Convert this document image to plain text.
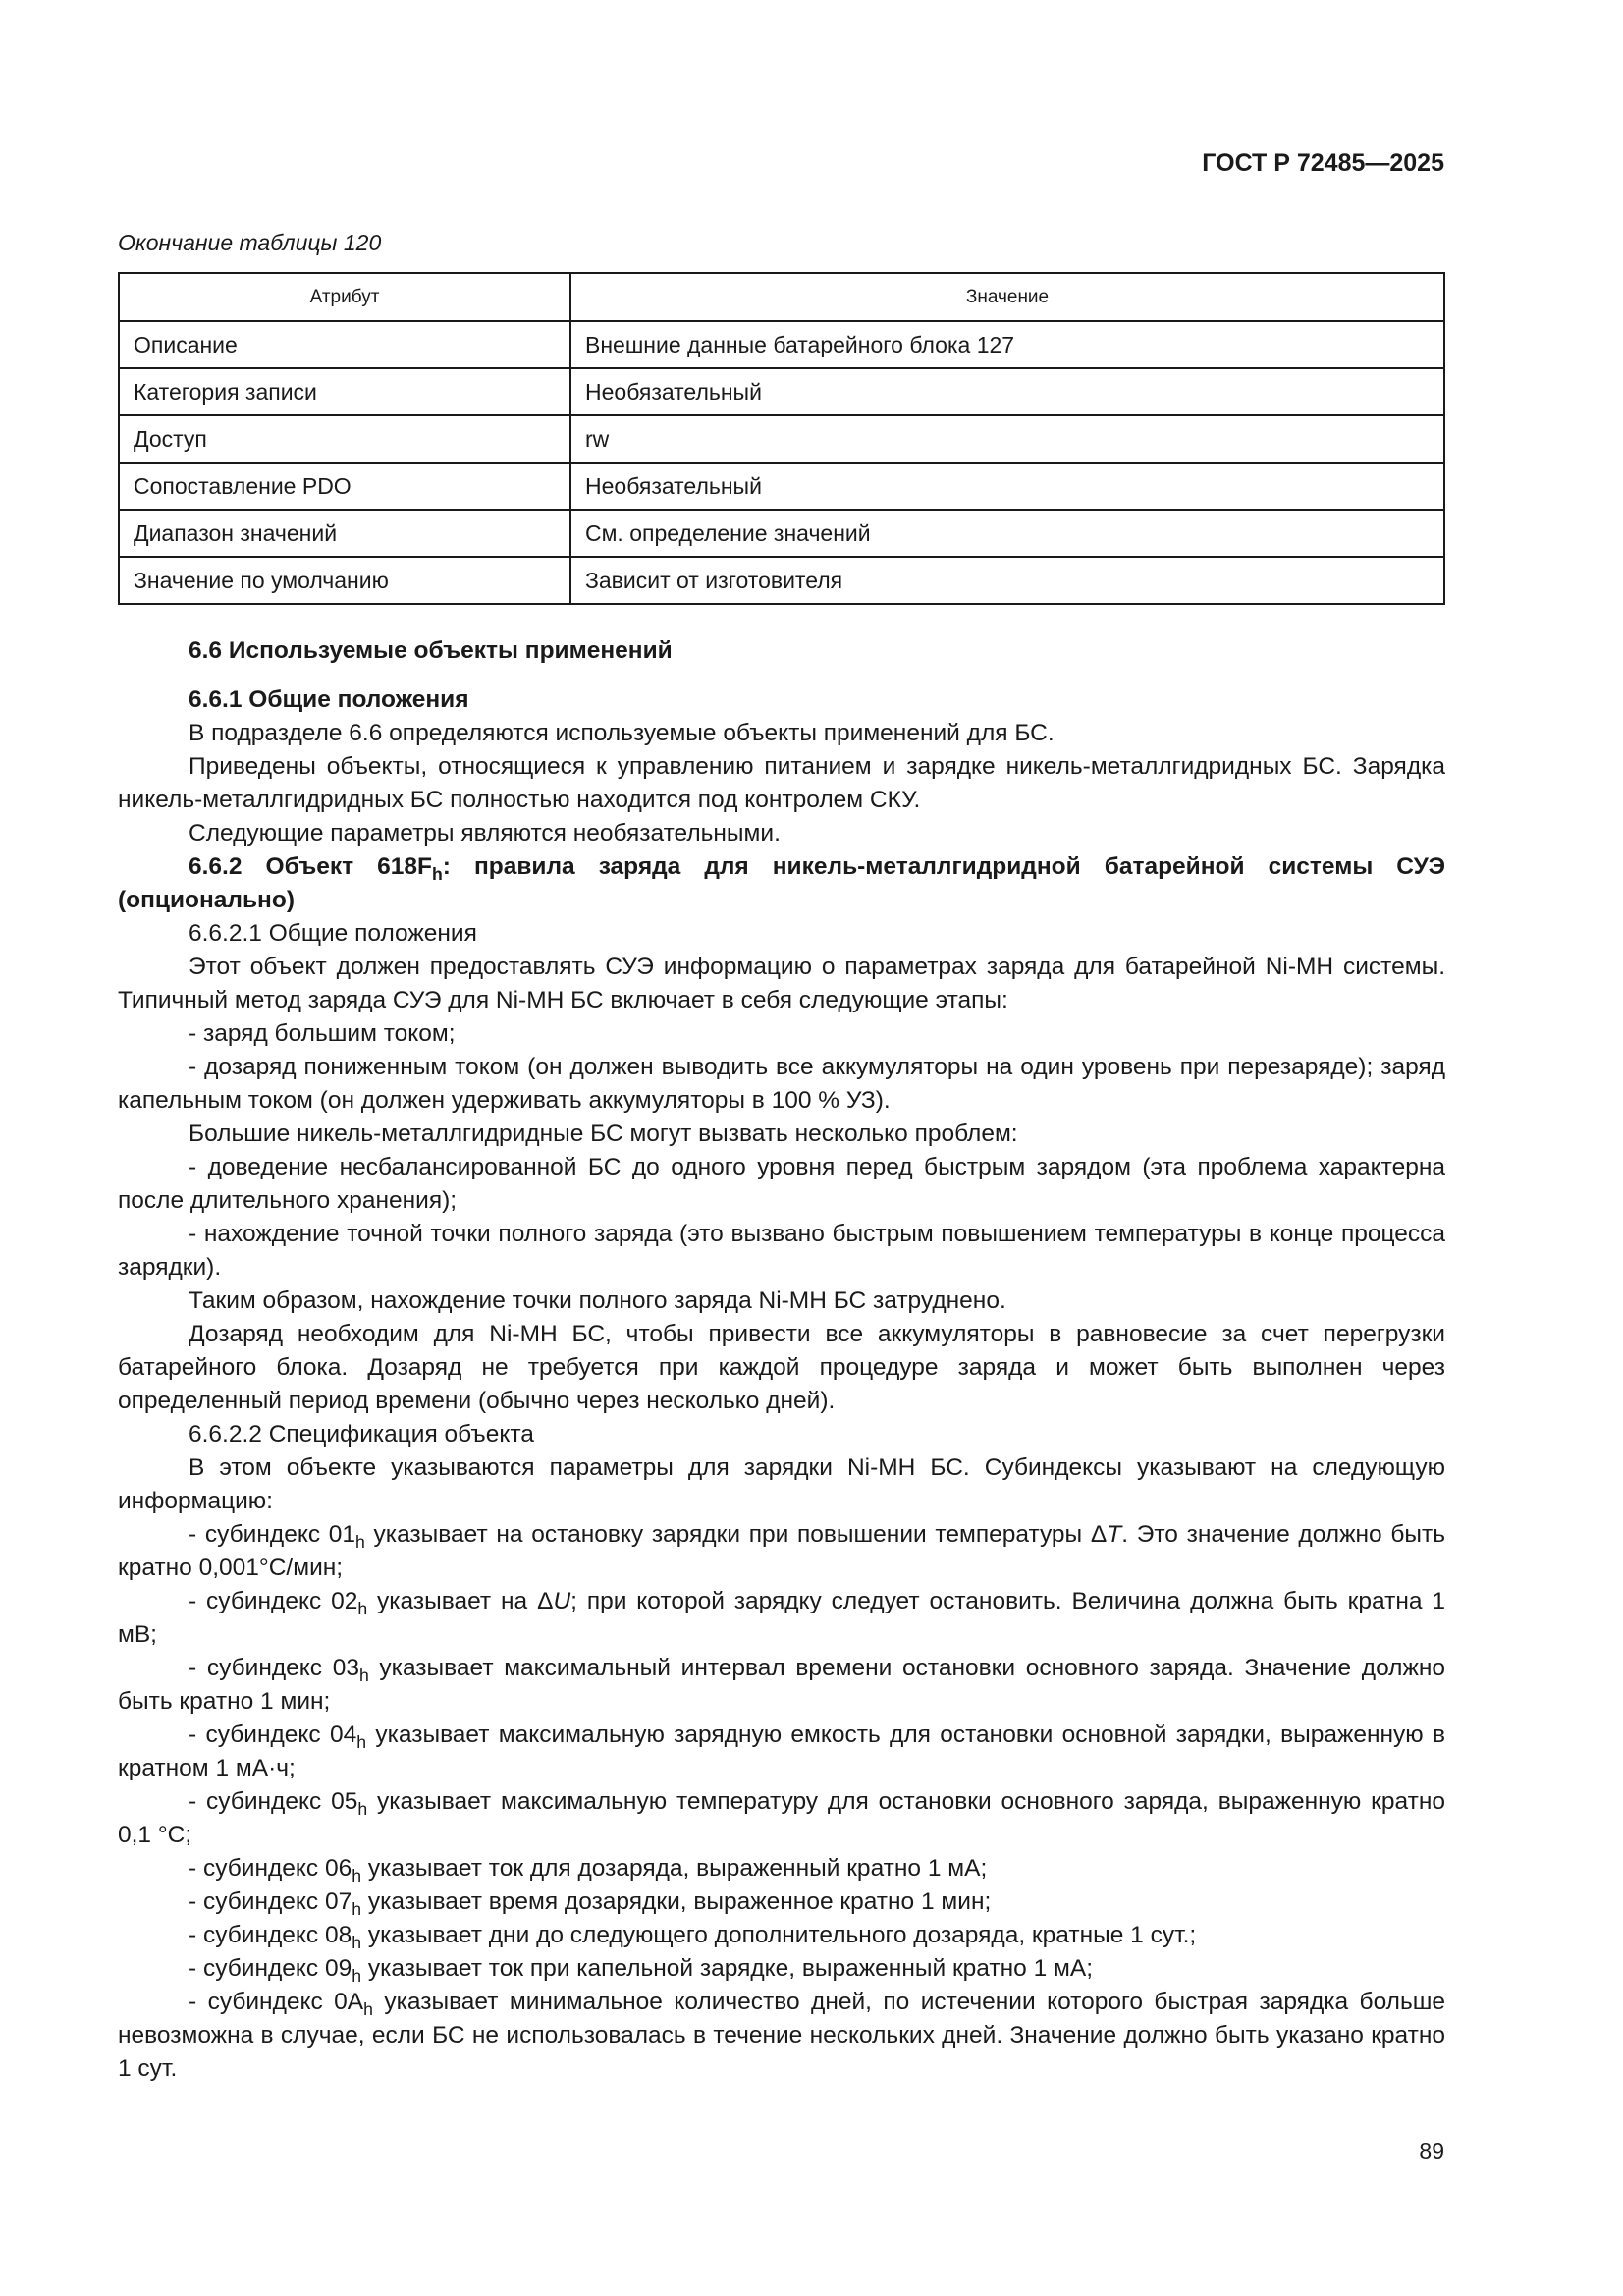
ГОСТ Р 72485—2025
Окончание таблицы 120
Атрибут	Значение
Описание	Внешние данные батарейного блока 127
Категория записи	Необязательный
Доступ	rw
Сопоставление PDO	Необязательный
Диапазон значений	См. определение значений
Значение по умолчанию	Зависит от изготовителя

6.6 Используемые объекты применений

6.6.1 Общие положения

В подразделе 6.6 определяются используемые объекты применений для БС.

Приведены объекты, относящиеся к управлению питанием и зарядке никель-металлгидридных БС. Зарядка никель-металлгидридных БС полностью находится под контролем СКУ.

Следующие параметры являются необязательными.

6.6.2 Объект $618F_h$: правила заряда для никель-металлгидридной батарейной системы СУЭ (опционально)

6.6.2.1 Общие положения

Этот объект должен предоставлять СУЭ информацию о параметрах заряда для батарейной Ni-MH системы. Типичный метод заряда СУЭ для Ni-MH БС включает в себя следующие этапы:

- заряд большим током;

- дозаряд пониженным током (он должен выводить все аккумуляторы на один уровень при перезаряде); заряд капельным током (он должен удерживать аккумуляторы в 100 % УЗ).

Большие никель-металлгидридные БС могут вызвать несколько проблем:

- доведение несбалансированной БС до одного уровня перед быстрым зарядом (эта проблема характерна после длительного хранения);

- нахождение точной точки полного заряда (это вызвано быстрым повышением температуры в конце процесса зарядки).

Таким образом, нахождение точки полного заряда Ni-MH БС затруднено.

Дозаряд необходим для Ni-MH БС, чтобы привести все аккумуляторы в равновесие за счет перегрузки батарейного блока. Дозаряд не требуется при каждой процедуре заряда и может быть выполнен через определенный период времени (обычно через несколько дней).

6.6.2.2 Спецификация объекта

В этом объекте указываются параметры для зарядки Ni-MH БС. Субиндексы указывают на следующую информацию:

- субиндекс $01_h$ указывает на остановку зарядки при повышении температуры ΔT. Это значение должно быть кратно 0,001°С/мин;

- субиндекс $02_h$ указывает на ΔU; при которой зарядку следует остановить. Величина должна быть кратна 1 мВ;

- субиндекс $03_h$ указывает максимальный интервал времени остановки основного заряда. Значение должно быть кратно 1 мин;

- субиндекс $04_h$ указывает максимальную зарядную емкость для остановки основной зарядки, выраженную в кратном 1 мА·ч;

- субиндекс $05_h$ указывает максимальную температуру для остановки основного заряда, выраженную кратно 0,1 °С;

- субиндекс $06_h$ указывает ток для дозаряда, выраженный кратно 1 мА;

- субиндекс $07_h$ указывает время дозарядки, выраженное кратно 1 мин;

- субиндекс $08_h$ указывает дни до следующего дополнительного дозаряда, кратные 1 сут.;

- субиндекс $09_h$ указывает ток при капельной зарядке, выраженный кратно 1 мА;

- субиндекс $0A_h$ указывает минимальное количество дней, по истечении которого быстрая зарядка больше невозможна в случае, если БС не использовалась в течение нескольких дней. Значение должно быть указано кратно 1 сут.

89
